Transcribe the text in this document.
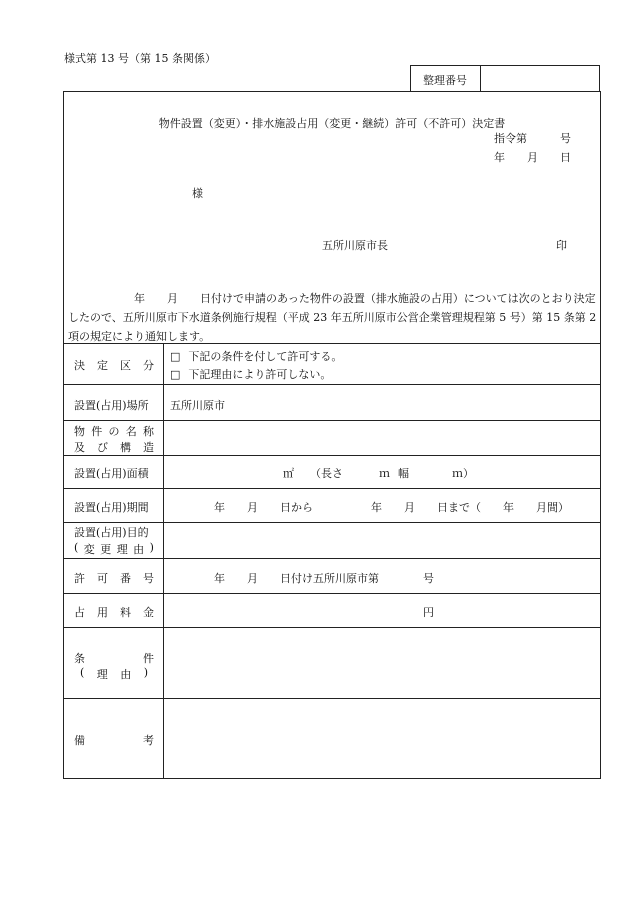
様式第 13 号（第 15 条関係）
整理番号
物件設置（変更）・排水施設占用（変更・継続）許可（不許可）決定書
指令第　　　号
年　　月　　日
様
五所川原市長	印
　　　　　　年　　月　　日付けで申請のあった物件の設置（排水施設の占用）については次のとおり決定したので、五所川原市下水道条例施行規程（平成 23 年五所川原市公営企業管理規程第 5 号）第 15 条第 2 項の規定により通知します。
決 定 区 分
□ 下記の条件を付して許可する。
□ 下記理由により許可しない。
設置(占用)場所	五所川原市
物 件 の 名 称
及 び 構 造
設置(占用)面積	㎡ （長さ	ｍ 幅	ｍ）
設置(占用)期間	年　　月　　日から	年　　月　　日まで（　　年　　月間）
設置(占用)目的
( 変 更 理 由 )
許 可 番 号	年　　月　　日付け五所川原市第　　　　号
占 用 料 金	円
条	件
( 理 由 )
備	考
